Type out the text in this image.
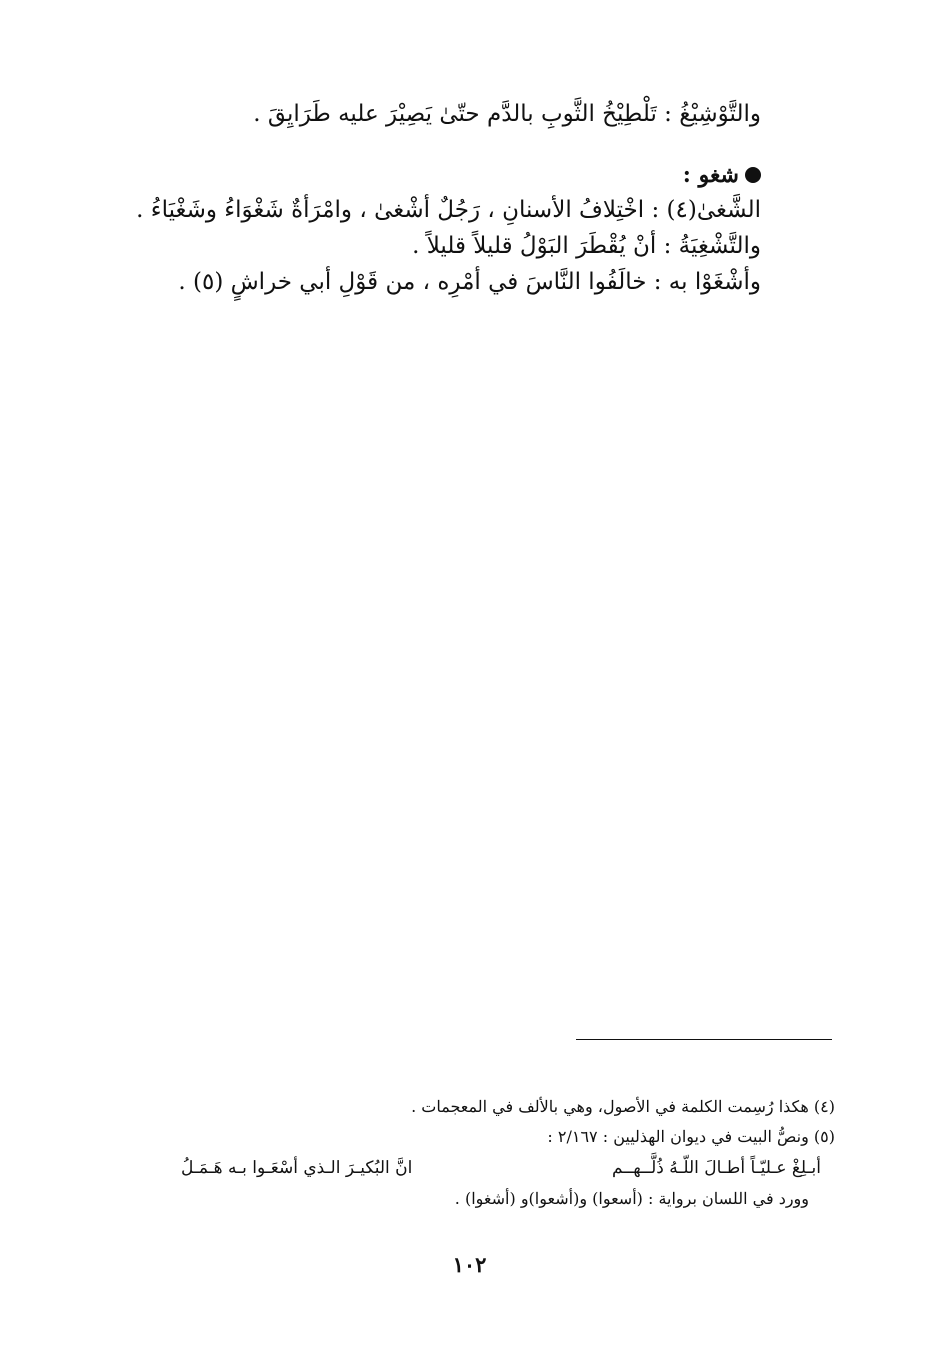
والتَّوْشِيْغُ : تَلْطِيْخُ الثَّوبِ بالدَّم حتّىٰ يَصِيْرَ عليه طَرَايِقَ .
شغو :
الشَّغىٰ(٤) : اخْتِلافُ الأسنانِ ، رَجُلٌ أشْغىٰ ، وامْرَأةٌ شَغْوَاءُ وشَغْيَاءُ .
والتَّشْغِيَةُ : أنْ يُقْطَرَ البَوْلُ قليلاً قليلاً .
وأشْغَوْا به : خالَفُوا النَّاسَ في أمْرِه ، من قَوْلِ أبي خراشٍ (٥) .
(٤) هكذا رُسِمت الكلمة في الأصول، وهي بالألف في المعجمات .
(٥) ونصُّ البيت في ديوان الهذليين : ٢/١٦٧ :
أبـلِغْ عـليّـاً أطـالَ اللّـهُ ذُلَّــهــم
انَّ البُكيـرَ الـذي أسْعَـوا بـه هَـمَـلُ
وورد في اللسان برواية : (أسعوا) و(أشعوا)و (أشغوا) .
١٠٢
